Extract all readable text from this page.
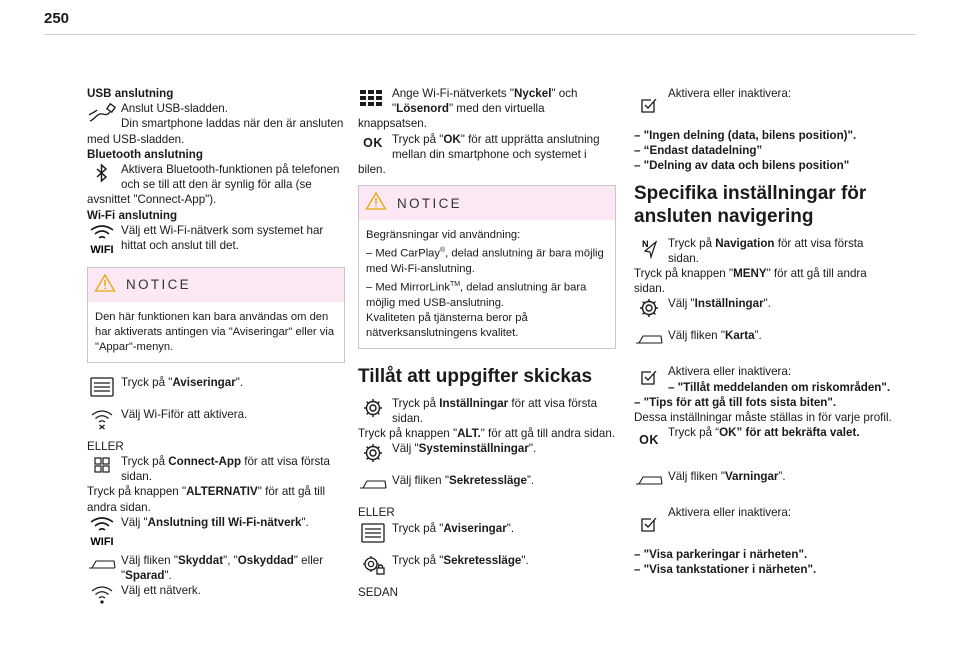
250

USB anslutning

Anslut USB-sladden.

Din smartphone laddas när den är ansluten med USB-sladden.

Bluetooth anslutning

Aktivera Bluetooth-funktionen på telefonen och se till att den är synlig för alla (se avsnittet "Connect-App").

Wi-Fi anslutning

WIFI

Välj ett Wi-Fi-nätverk som systemet har hittat och anslut till det.

NOTICE
Den här funktionen kan bara användas om den har aktiverats antingen via "Aviseringar" eller via "Appar"-menyn.

Tryck på "Aviseringar".

Välj Wi-Fiför att aktivera.

ELLER

Tryck på Connect-App för att visa första sidan.

Tryck på knappen "ALTERNATIV" för att gå till andra sidan.

WIFI

Välj "Anslutning till Wi-Fi-nätverk".

Välj fliken "Skyddat", "Oskyddad" eller "Sparad".

Välj ett nätverk.

Ange Wi-Fi-nätverkets "Nyckel" och "Lösenord" med den virtuella knappsatsen.

OK Tryck på "OK" för att upprätta anslutning mellan din smartphone och systemet i bilen.

NOTICE

Begränsningar vid användning:

– Med CarPlay®, delad anslutning är bara möjlig med Wi-Fi-anslutning.

– Med MirrorLink™, delad anslutning är bara möjlig med USB-anslutning.

Kvaliteten på tjänsterna beror på nätverksanslutningens kvalitet.

Tillåt att uppgifter skickas

Tryck på Inställningar för att visa första sidan.

Tryck på knappen "ALT." för att gå till andra sidan.

Välj "Systeminställningar".

Välj fliken "Sekretessläge”.

ELLER

Tryck på "Aviseringar".

Tryck på "Sekretessläge".

SEDAN

Aktivera eller inaktivera:

– "Ingen delning (data, bilens position)".

– “Endast datadelning”

– "Delning av data och bilens position"

Specifika inställningar för
ansluten navigering
N	Tryck på Navigation för att visa första sidan.

Tryck på knappen "MENY" för att gå till andra sidan.

Välj "Inställningar".

Välj fliken "Karta”.

Aktivera eller inaktivera:

– "Tillåt meddelanden om riskområden".

– "Tips för att gå till fots sista biten".

Dessa inställningar måste ställas in för varje profil.

OK

Tryck på “OK” för att bekräfta valet.

Välj fliken "Varningar”.

Aktivera eller inaktivera:

– "Visa parkeringar i närheten".

– "Visa tankstationer i närheten".
